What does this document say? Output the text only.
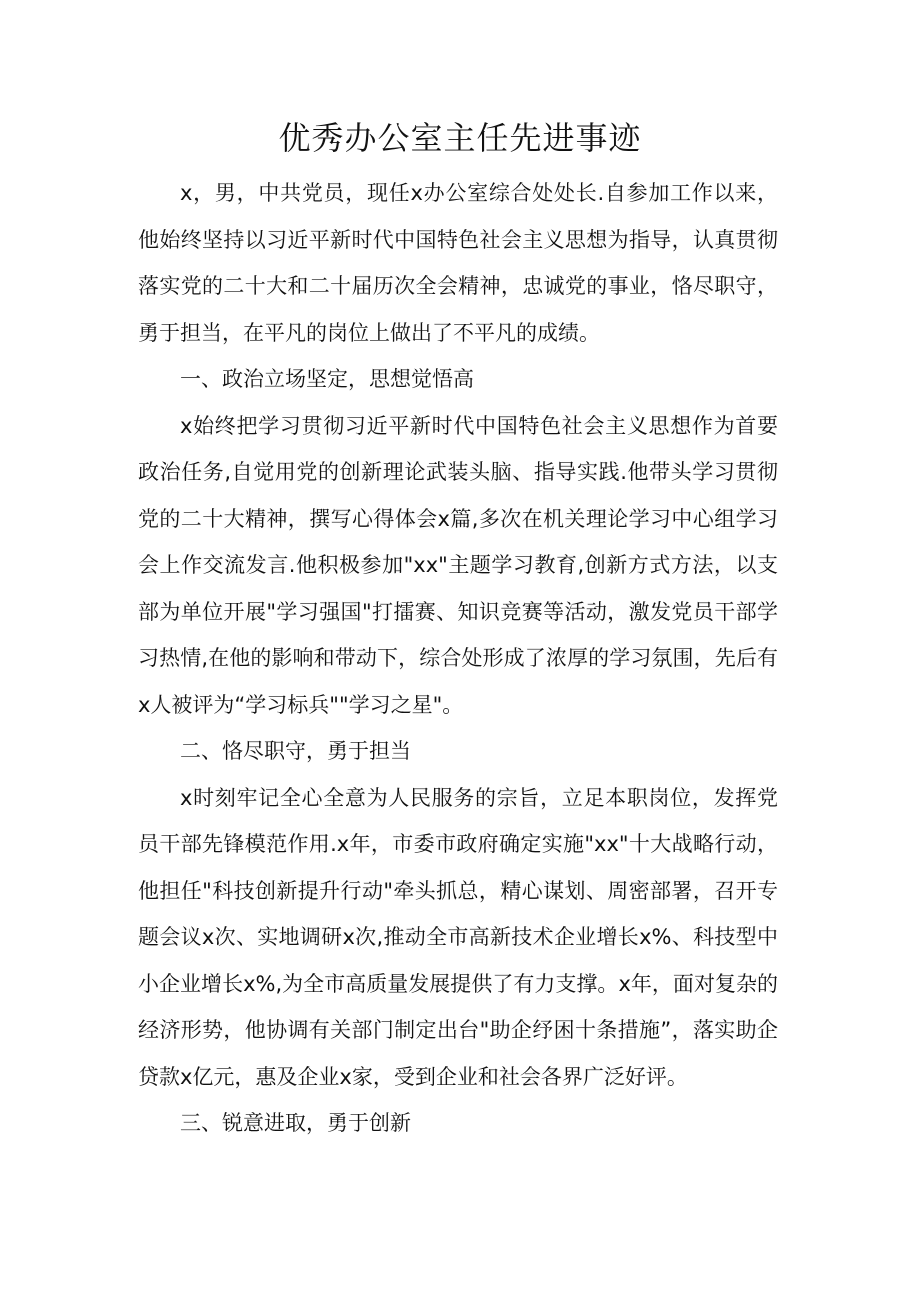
优秀办公室主任先进事迹

x，男，中共党员，现任x办公室综合处处长.自参加工作以来，他始终坚持以习近平新时代中国特色社会主义思想为指导，认真贯彻落实党的二十大和二十届历次全会精神，忠诚党的事业，恪尽职守，勇于担当，在平凡的岗位上做出了不平凡的成绩。

一、政治立场坚定，思想觉悟高

x始终把学习贯彻习近平新时代中国特色社会主义思想作为首要政治任务,自觉用党的创新理论武装头脑、指导实践.他带头学习贯彻党的二十大精神，撰写心得体会x篇,多次在机关理论学习中心组学习会上作交流发言.他积极参加"xx"主题学习教育,创新方式方法，以支部为单位开展"学习强国"打擂赛、知识竞赛等活动，激发党员干部学习热情,在他的影响和带动下，综合处形成了浓厚的学习氛围，先后有x人被评为“学习标兵""学习之星"。

二、恪尽职守，勇于担当

x时刻牢记全心全意为人民服务的宗旨，立足本职岗位，发挥党员干部先锋模范作用.x年，市委市政府确定实施"xx"十大战略行动，他担任"科技创新提升行动"牵头抓总，精心谋划、周密部署，召开专题会议x次、实地调研x次,推动全市高新技术企业增长x%、科技型中小企业增长x%,为全市高质量发展提供了有力支撑。x年，面对复杂的经济形势，他协调有关部门制定出台"助企纾困十条措施”，落实助企贷款x亿元，惠及企业x家，受到企业和社会各界广泛好评。

三、锐意进取，勇于创新
